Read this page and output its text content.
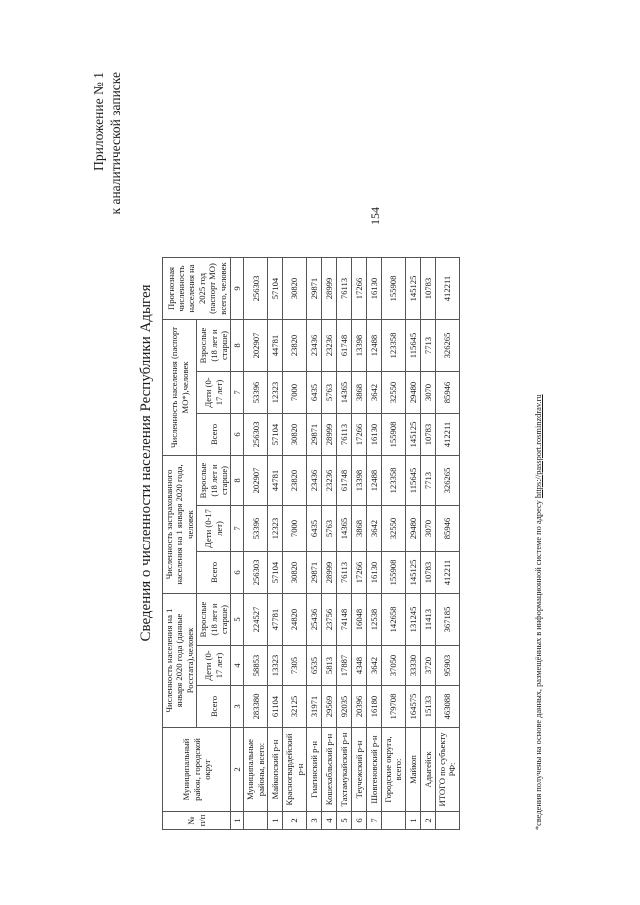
154
Приложение № 1 к аналитической записке
Сведения о численности населения Республики Адыгея
№ п/п	Муниципальный район, городской округ	Численность населения на 1 января 2020 года (данные Росстата),человек			Численность застрахованного населения на 1 января 2020 года, человек			Численность населения (паспорт МО*),человек			Прогнозная численность населения на 2025 год (паспорт МО) всего, человек
		Всего	Дети (0-17 лет)	Взрослые (18 лет и старше)	Всего	Дети (0-17 лет)	Взрослые (18 лет и старше)	Всего	Дети (0-17 лет)	Взрослые (18 лет и старше)	
1	2	3	4	5	6	7	8	6	7	8	9
	Муниципальные районы, всего:	283380	58853	224527	256303	53396	202907	256303	53396	202907	256303
1	Майкопский р-н	61104	13323	47781	57104	12323	44781	57104	12323	44781	57104
2	Красногвардейский р-н	32125	7305	24820	30820	7000	23820	30820	7000	23820	30820
3	Гиагинский р-н	31971	6535	25436	29871	6435	23436	29871	6435	23436	29871
4	Кошехабльский р-н	29569	5813	23756	28999	5763	23236	28999	5763	23236	28999
5	Тахтамукайский р-н	92035	17887	74148	76113	14365	61748	76113	14365	61748	76113
6	Теучежский р-н	20396	4348	16048	17266	3868	13398	17266	3868	13398	17266
7	Шовгеновский р-н	16180	3642	12538	16130	3642	12488	16130	3642	12488	16130
	Городские округа, всего:	179708	37050	142658	155908	32550	123358	155908	32550	123358	155908
1	Майкоп	164575	33330	131245	145125	29480	115645	145125	29480	115645	145125
2	Адыгейск	15133	3720	11413	10783	3070	7713	10783	3070	7713	10783
	ИТОГО по субъекту РФ:	463088	95903	367185	412211	85946	326265	412211	85946	326265	412211
*сведения получены на основе данных, размещённых в информационной системе по адресу https://passport.rosminzdrav.ru
